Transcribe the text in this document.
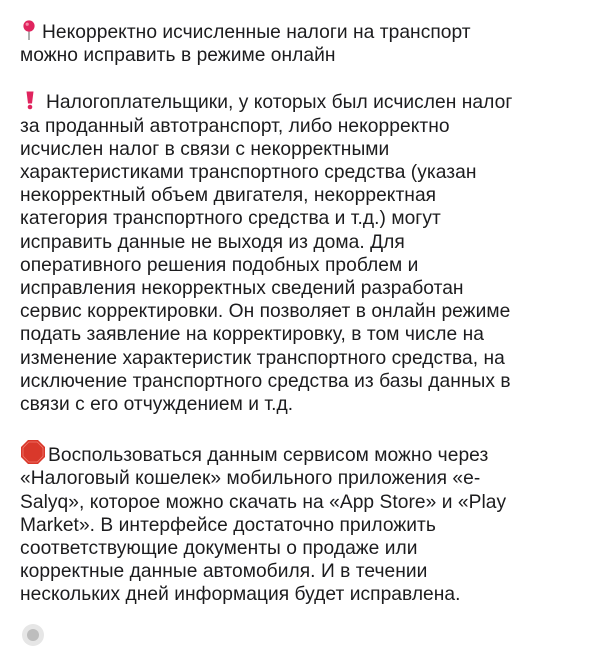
Некорректно исчисленные налоги на транспорт
можно исправить в режиме онлайн

Налогоплательщики, у которых был исчислен налог
за проданный автотранспорт, либо некорректно
исчислен налог в связи с некорректными
характеристиками транспортного средства (указан
некорректный объем двигателя, некорректная
категория транспортного средства и т.д.) могут
исправить данные не выходя из дома. Для
оперативного решения подобных проблем и
исправления некорректных сведений разработан
сервис корректировки. Он позволяет в онлайн режиме
подать заявление на корректировку, в том числе на
изменение характеристик транспортного средства, на
исключение транспортного средства из базы данных в
связи с его отчуждением и т.д.

Воспользоваться данным сервисом можно через
«Налоговый кошелек» мобильного приложения «e-
Salyq», которое можно скачать на «App Store» и «Play
Market». В интерфейсе достаточно приложить
соответствующие документы о продаже или
корректные данные автомобиля. И в течении
нескольких дней информация будет исправлена.
